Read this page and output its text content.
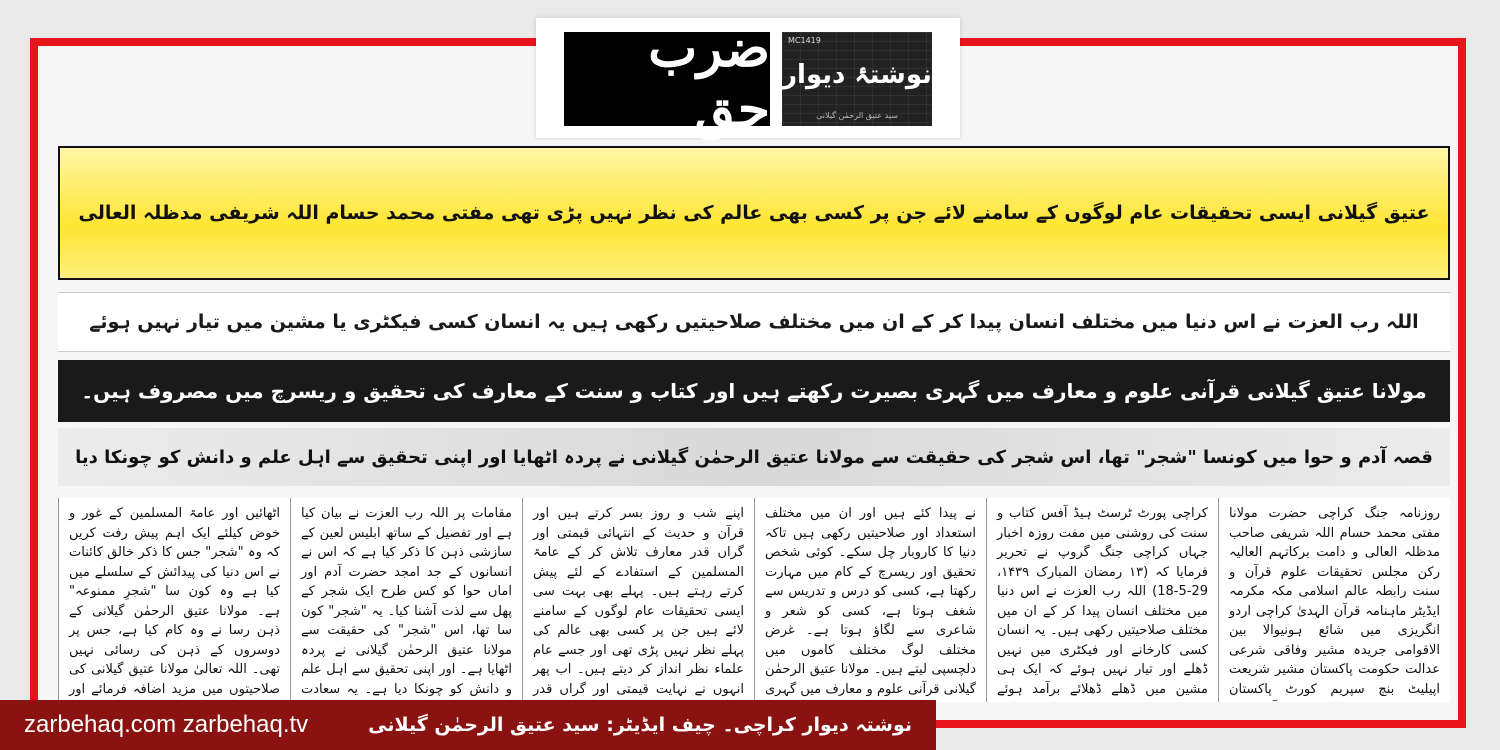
ضرب حق
MC1419
نوشتۂ دیوار
سید عتیق الرحمٰن گیلانی
عتیق گیلانی ایسی تحقیقات عام لوگوں کے سامنے لائے جن پر کسی بھی عالم کی نظر نہیں پڑی تھی مفتی محمد حسام اللہ شریفی مدظلہ العالی
اللہ رب العزت نے اس دنیا میں مختلف انسان پیدا کر کے ان میں مختلف صلاحیتیں رکھی ہیں یہ انسان کسی فیکٹری یا مشین میں تیار نہیں ہوئے
مولانا عتیق گیلانی قرآنی علوم و معارف میں گہری بصیرت رکھتے ہیں اور کتاب و سنت کے معارف کی تحقیق و ریسرچ میں مصروف ہیں۔
قصہ آدم و حوا میں کونسا "شجر" تھا، اس شجر کی حقیقت سے مولانا عتیق الرحمٰن گیلانی نے پردہ اٹھایا اور اپنی تحقیق سے اہل علم و دانش کو چونکا دیا
روزنامہ جنگ کراچی حضرت مولانا مفتی محمد حسام اللہ شریفی صاحب مدظلہ العالی و دامت برکاتہم العالیہ رکن مجلس تحقیقات علوم قرآن و سنت رابطہ عالم اسلامی مکہ مکرمہ ایڈیٹر ماہنامہ قرآن الہدیٰ کراچی اردو انگریزی میں شائع ہونیوالا بین الاقوامی جریدہ مشیر وفاقی شرعی عدالت حکومت پاکستان مشیر شریعت اپیلیٹ بنچ سپریم کورٹ پاکستان
کراچی پورٹ ٹرسٹ ہیڈ آفس کتاب و سنت کی روشنی میں مفت روزہ اخبار جہاں کراچی جنگ گروپ نے تحریر فرمایا کہ (۱۳ رمضان المبارک ۱۴۳۹، 29-5-18) اللہ رب العزت نے اس دنیا میں مختلف انسان پیدا کر کے ان میں مختلف صلاحیتیں رکھی ہیں۔ یہ انسان کسی کارخانے اور فیکٹری میں نہیں ڈھلے اور تیار نہیں ہوئے کہ ایک ہی مشین میں ڈھلے ڈھلائے برآمد ہوئے
نے پیدا کئے ہیں اور ان میں مختلف استعداد اور صلاحیتیں رکھی ہیں تاکہ دنیا کا کاروبار چل سکے۔ کوئی شخص تحقیق اور ریسرچ کے کام میں مہارت رکھتا ہے، کسی کو درس و تدریس سے شغف ہوتا ہے، کسی کو شعر و شاعری سے لگاؤ ہوتا ہے۔ غرض مختلف لوگ مختلف کاموں میں دلچسپی لیتے ہیں۔ مولانا عتیق الرحمٰن گیلانی قرآنی علوم و معارف میں گہری
اپنے شب و روز بسر کرتے ہیں اور قرآن و حدیث کے انتہائی قیمتی اور گراں قدر معارف تلاش کر کے عامۃ المسلمین کے استفادے کے لئے پیش کرتے رہتے ہیں۔ پہلے بھی بہت سی ایسی تحقیقات عام لوگوں کے سامنے لائے ہیں جن پر کسی بھی عالم کی پہلے نظر نہیں پڑی تھی اور جسے عام علماء نظر انداز کر دیتے ہیں۔ اب پھر انہوں نے نہایت قیمتی اور گراں قدر
مقامات پر اللہ رب العزت نے بیان کیا ہے اور تفصیل کے ساتھ ابلیس لعین کے سازشی ذہن کا ذکر کیا ہے کہ اس نے انسانوں کے جد امجد حضرت آدم اور اماں حوا کو کس طرح ایک شجر کے پھل سے لذت آشنا کیا۔ یہ "شجر" کون سا تھا، اس "شجر" کی حقیقت سے مولانا عتیق الرحمٰن گیلانی نے پردہ اٹھایا ہے۔ اور اپنی تحقیق سے اہل علم و دانش کو چونکا دیا ہے۔ یہ سعادت
اٹھائیں اور عامۃ المسلمین کے غور و خوض کیلئے ایک اہم پیش رفت کریں کہ وہ "شجر" جس کا ذکر خالق کائنات نے اس دنیا کی پیدائش کے سلسلے میں کیا ہے وہ کون سا "شجرِ ممنوعہ" ہے۔ مولانا عتیق الرحمٰن گیلانی کے ذہن رسا نے وہ کام کیا ہے، جس پر دوسروں کے ذہن کی رسائی نہیں تھی۔ اللہ تعالیٰ مولانا عتیق گیلانی کی صلاحیتوں میں مزید اضافہ فرمائے اور
zarbehaq.com zarbehaq.tv	نوشتہ دیوار کراچی۔ چیف ایڈیٹر: سید عتیق الرحمٰن گیلانی
